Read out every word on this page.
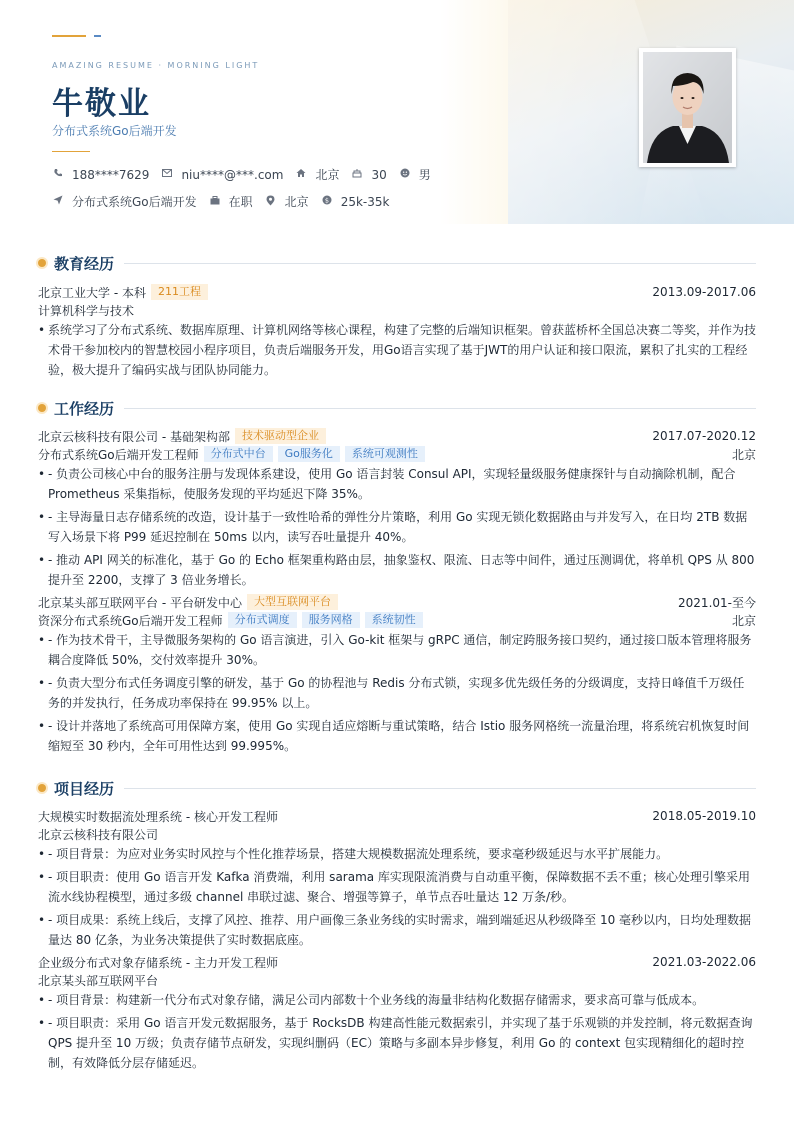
AMAZING RESUME · MORNING LIGHT
牛敬业
分布式系统Go后端开发
188****7629	niu****@***.com	北京	30	男
分布式系统Go后端开发	在职	北京 $ 25k-35k
教育经历
北京工业大学 - 本科	211工程	2013.09-2017.06
计算机科学与技术
• 系统学习了分布式系统、数据库原理、计算机网络等核心课程，构建了完整的后端知识框架。曾获蓝桥杯全国总决赛二等奖，并作为技术骨干参加校内的智慧校园小程序项目，负责后端服务开发，用Go语言实现了基于JWT的用户认证和接口限流，累积了扎实的工程经验，极大提升了编码实战与团队协同能力。
工作经历
北京云核科技有限公司 - 基础架构部	技术驱动型企业	2017.07-2020.12
分布式系统Go后端开发工程师	分布式中台	Go服务化	系统可观测性	北京
• - 负责公司核心中台的服务注册与发现体系建设，使用 Go 语言封装 Consul API，实现轻量级服务健康探针与自动摘除机制，配合 Prometheus 采集指标，使服务发现的平均延迟下降 35%。
• - 主导海量日志存储系统的改造，设计基于一致性哈希的弹性分片策略，利用 Go 实现无锁化数据路由与并发写入，在日均 2TB 数据写入场景下将 P99 延迟控制在 50ms 以内，读写吞吐量提升 40%。
• - 推动 API 网关的标准化，基于 Go 的 Echo 框架重构路由层，抽象鉴权、限流、日志等中间件，通过压测调优，将单机 QPS 从 800 提升至 2200，支撑了 3 倍业务增长。
北京某头部互联网平台 - 平台研发中心	大型互联网平台	2021.01-至今
资深分布式系统Go后端开发工程师	分布式调度	服务网格	系统韧性	北京
• - 作为技术骨干，主导微服务架构的 Go 语言演进，引入 Go-kit 框架与 gRPC 通信，制定跨服务接口契约，通过接口版本管理将服务耦合度降低 50%，交付效率提升 30%。
• - 负责大型分布式任务调度引擎的研发，基于 Go 的协程池与 Redis 分布式锁，实现多优先级任务的分级调度，支持日峰值千万级任务的并发执行，任务成功率保持在 99.95% 以上。
• - 设计并落地了系统高可用保障方案，使用 Go 实现自适应熔断与重试策略，结合 Istio 服务网格统一流量治理，将系统宕机恢复时间缩短至 30 秒内，全年可用性达到 99.995%。
项目经历
大规模实时数据流处理系统 - 核心开发工程师	2018.05-2019.10
北京云核科技有限公司
• - 项目背景：为应对业务实时风控与个性化推荐场景，搭建大规模数据流处理系统，要求毫秒级延迟与水平扩展能力。
• - 项目职责：使用 Go 语言开发 Kafka 消费端，利用 sarama 库实现限流消费与自动重平衡，保障数据不丢不重；核心处理引擎采用流水线协程模型，通过多级 channel 串联过滤、聚合、增强等算子，单节点吞吐量达 12 万条/秒。
• - 项目成果：系统上线后，支撑了风控、推荐、用户画像三条业务线的实时需求，端到端延迟从秒级降至 10 毫秒以内，日均处理数据量达 80 亿条，为业务决策提供了实时数据底座。
企业级分布式对象存储系统 - 主力开发工程师	2021.03-2022.06
北京某头部互联网平台
• - 项目背景：构建新一代分布式对象存储，满足公司内部数十个业务线的海量非结构化数据存储需求，要求高可靠与低成本。
• - 项目职责：采用 Go 语言开发元数据服务，基于 RocksDB 构建高性能元数据索引，并实现了基于乐观锁的并发控制，将元数据查询 QPS 提升至 10 万级；负责存储节点研发，实现纠删码（EC）策略与多副本异步修复，利用 Go 的 context 包实现精细化的超时控制，有效降低分层存储延迟。
